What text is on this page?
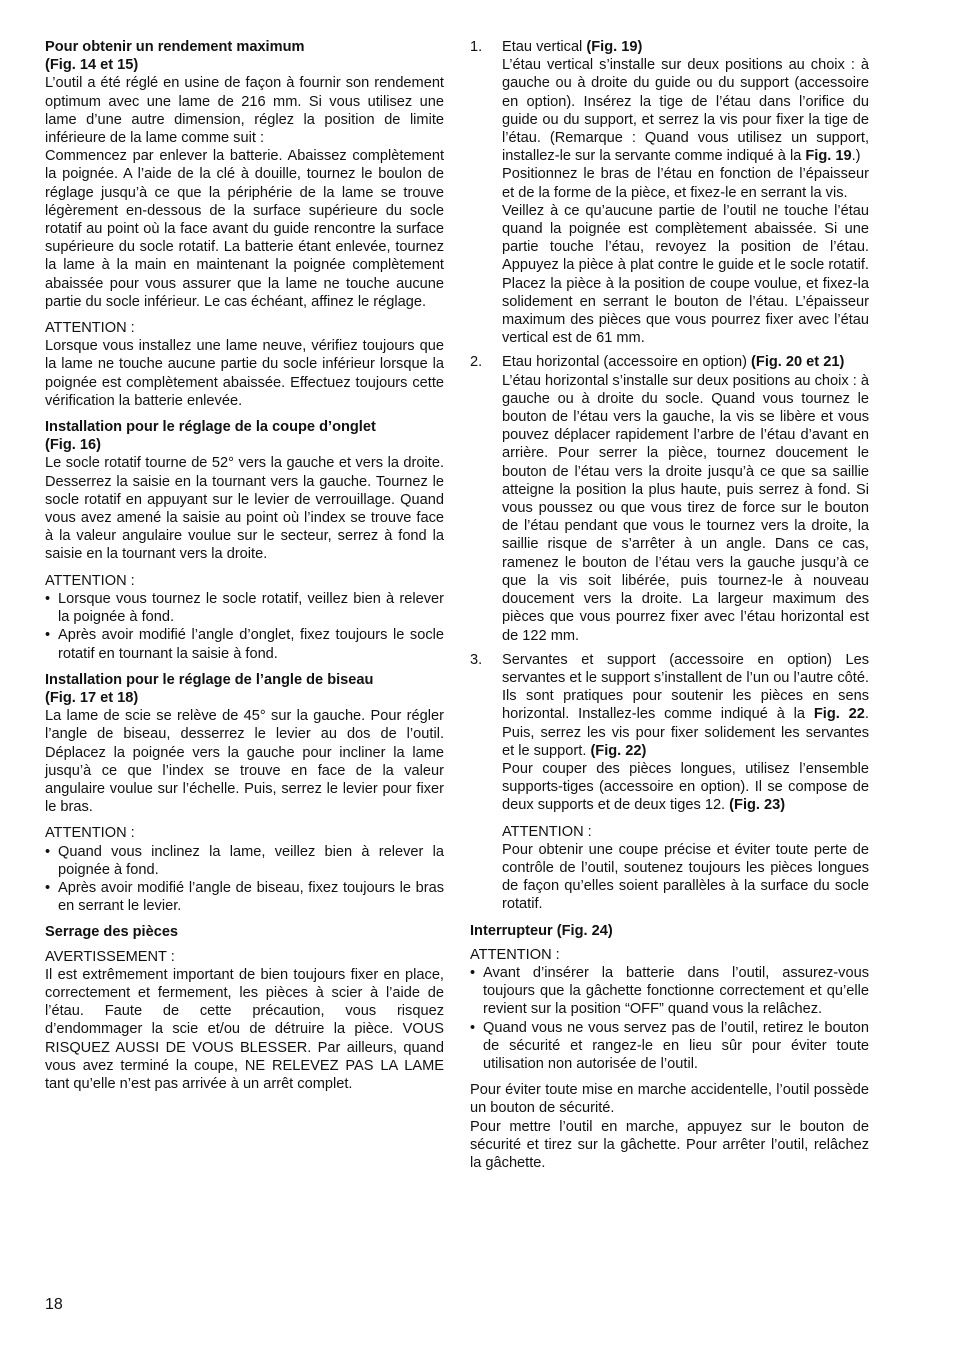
Pour obtenir un rendement maximum
(Fig. 14 et 15)

L’outil a été réglé en usine de façon à fournir son rendement optimum avec une lame de 216 mm. Si vous utilisez une lame d’une autre dimension, réglez la position de limite inférieure de la lame comme suit :

Commencez par enlever la batterie. Abaissez complètement la poignée. A l’aide de la clé à douille, tournez le boulon de réglage jusqu’à ce que la périphérie de la lame se trouve légèrement en-dessous de la surface supérieure du socle rotatif au point où la face avant du guide rencontre la surface supérieure du socle rotatif. La batterie étant enlevée, tournez la lame à la main en maintenant la poignée complètement abaissée pour vous assurer que la lame ne touche aucune partie du socle inférieur. Le cas échéant, affinez le réglage.

ATTENTION :

Lorsque vous installez une lame neuve, vérifiez toujours que la lame ne touche aucune partie du socle inférieur lorsque la poignée est complètement abaissée. Effectuez toujours cette vérification la batterie enlevée.

Installation pour le réglage de la coupe d’onglet
(Fig. 16)

Le socle rotatif tourne de 52° vers la gauche et vers la droite. Desserrez la saisie en la tournant vers la gauche. Tournez le socle rotatif en appuyant sur le levier de verrouillage. Quand vous avez amené la saisie au point où l’index se trouve face à la valeur angulaire voulue sur le secteur, serrez à fond la saisie en la tournant vers la droite.

ATTENTION :

• Lorsque vous tournez le socle rotatif, veillez bien à relever la poignée à fond.
• Après avoir modifié l’angle d’onglet, fixez toujours le socle rotatif en tournant la saisie à fond.
Installation pour le réglage de l’angle de biseau
(Fig. 17 et 18)

La lame de scie se relève de 45° sur la gauche. Pour régler l’angle de biseau, desserrez le levier au dos de l’outil. Déplacez la poignée vers la gauche pour incliner la lame jusqu’à ce que l’index se trouve en face de la valeur angulaire voulue sur l’échelle. Puis, serrez le levier pour fixer le bras.

ATTENTION :

• Quand vous inclinez la lame, veillez bien à relever la poignée à fond.
• Après avoir modifié l’angle de biseau, fixez toujours le bras en serrant le levier.
Serrage des pièces

AVERTISSEMENT :

Il est extrêmement important de bien toujours fixer en place, correctement et fermement, les pièces à scier à l’aide de l’étau. Faute de cette précaution, vous risquez d’endommager la scie et/ou de détruire la pièce. VOUS RISQUEZ AUSSI DE VOUS BLESSER. Par ailleurs, quand vous avez terminé la coupe, NE RELEVEZ PAS LA LAME tant qu’elle n’est pas arrivée à un arrêt complet.

1. Etau vertical (Fig. 19)

L’étau vertical s’installe sur deux positions au choix : à gauche ou à droite du guide ou du support (accessoire en option). Insérez la tige de l’étau dans l’orifice du guide ou du support, et serrez la vis pour fixer la tige de l’étau. (Remarque : Quand vous utilisez un support, installez-le sur la servante comme indiqué à la Fig. 19.)

Positionnez le bras de l’étau en fonction de l’épaisseur et de la forme de la pièce, et fixez-le en serrant la vis.

Veillez à ce qu’aucune partie de l’outil ne touche l’étau quand la poignée est complètement abaissée. Si une partie touche l’étau, revoyez la position de l’étau. Appuyez la pièce à plat contre le guide et le socle rotatif. Placez la pièce à la position de coupe voulue, et fixez-la solidement en serrant le bouton de l’étau. L’épaisseur maximum des pièces que vous pourrez fixer avec l’étau vertical est de 61 mm.

2. Etau horizontal (accessoire en option) (Fig. 20 et 21)

L’étau horizontal s’installe sur deux positions au choix : à gauche ou à droite du socle. Quand vous tournez le bouton de l’étau vers la gauche, la vis se libère et vous pouvez déplacer rapidement l’arbre de l’étau d’avant en arrière. Pour serrer la pièce, tournez doucement le bouton de l’étau vers la droite jusqu’à ce que sa saillie atteigne la position la plus haute, puis serrez à fond. Si vous poussez ou que vous tirez de force sur le bouton de l’étau pendant que vous le tournez vers la droite, la saillie risque de s’arrêter à un angle. Dans ce cas, ramenez le bouton de l’étau vers la gauche jusqu’à ce que la vis soit libérée, puis tournez-le à nouveau doucement vers la droite. La largeur maximum des pièces que vous pourrez fixer avec l’étau horizontal est de 122 mm.

3. Servantes et support (accessoire en option) Les servantes et le support s’installent de l’un ou l’autre côté. Ils sont pratiques pour soutenir les pièces en sens horizontal. Installez-les comme indiqué à la Fig. 22. Puis, serrez les vis pour fixer solidement les servantes et le support. (Fig. 22)

Pour couper des pièces longues, utilisez l’ensemble supports-tiges (accessoire en option). Il se compose de deux supports et de deux tiges 12. (Fig. 23)

ATTENTION :

Pour obtenir une coupe précise et éviter toute perte de contrôle de l’outil, soutenez toujours les pièces longues de façon qu’elles soient parallèles à la surface du socle rotatif.

Interrupteur (Fig. 24)

ATTENTION :

• Avant d’insérer la batterie dans l’outil, assurez-vous toujours que la gâchette fonctionne correctement et qu’elle revient sur la position “OFF” quand vous la relâchez.
• Quand vous ne vous servez pas de l’outil, retirez le bouton de sécurité et rangez-le en lieu sûr pour éviter toute utilisation non autorisée de l’outil.

Pour éviter toute mise en marche accidentelle, l’outil possède un bouton de sécurité.

Pour mettre l’outil en marche, appuyez sur le bouton de sécurité et tirez sur la gâchette. Pour arrêter l’outil, relâchez la gâchette.

18
